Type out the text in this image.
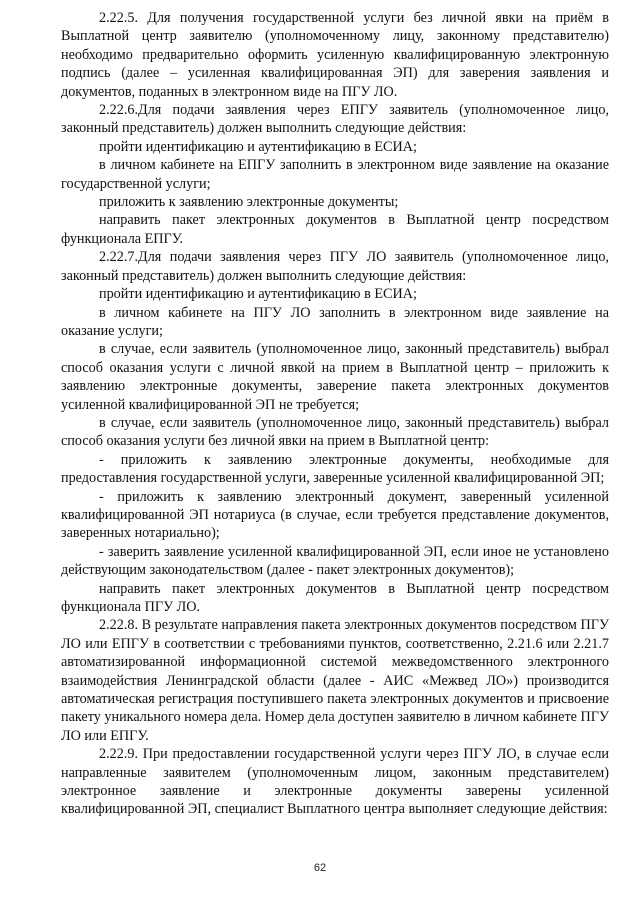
2.22.5. Для получения государственной услуги без личной явки на приём в Выплатной центр заявителю (уполномоченному лицу, законному представителю) необходимо предварительно оформить усиленную квалифицированную электронную подпись (далее – усиленная квалифицированная ЭП) для заверения заявления и документов, поданных в электронном виде на ПГУ ЛО.

2.22.6.Для подачи заявления через ЕПГУ заявитель (уполномоченное лицо, законный представитель) должен выполнить следующие действия:

пройти идентификацию и аутентификацию в ЕСИА;

в личном кабинете на ЕПГУ заполнить в электронном виде заявление на оказание государственной услуги;

приложить к заявлению электронные документы;

направить пакет электронных документов в Выплатной центр посредством функционала ЕПГУ.

2.22.7.Для подачи заявления через ПГУ ЛО заявитель (уполномоченное лицо, законный представитель) должен выполнить следующие действия:

пройти идентификацию и аутентификацию в ЕСИА;

в личном кабинете на ПГУ ЛО заполнить в электронном виде заявление на оказание услуги;

в случае, если заявитель (уполномоченное лицо, законный представитель) выбрал способ оказания услуги с личной явкой на прием в Выплатной центр – приложить к заявлению электронные документы, заверение пакета электронных документов усиленной квалифицированной ЭП не требуется;

в случае, если заявитель (уполномоченное лицо, законный представитель) выбрал способ оказания услуги без личной явки на прием в Выплатной центр:

- приложить к заявлению электронные документы, необходимые для предоставления государственной услуги, заверенные усиленной квалифицированной ЭП;

- приложить к заявлению электронный документ, заверенный усиленной квалифицированной ЭП нотариуса (в случае, если требуется представление документов, заверенных нотариально);

- заверить заявление усиленной квалифицированной ЭП, если иное не установлено действующим законодательством (далее - пакет электронных документов);

направить пакет электронных документов в Выплатной центр посредством функционала ПГУ ЛО.

2.22.8. В результате направления пакета электронных документов посредством ПГУ ЛО или ЕПГУ в соответствии с требованиями пунктов, соответственно, 2.21.6 или 2.21.7 автоматизированной информационной системой межведомственного электронного взаимодействия Ленинградской области (далее - АИС «Межвед ЛО») производится автоматическая регистрация поступившего пакета электронных документов и присвоение пакету уникального номера дела. Номер дела доступен заявителю в личном кабинете ПГУ ЛО или ЕПГУ.

2.22.9. При предоставлении государственной услуги через ПГУ ЛО, в случае если направленные заявителем (уполномоченным лицом, законным представителем) электронное заявление и электронные документы заверены усиленной квалифицированной ЭП, специалист Выплатного центра выполняет следующие действия:

62
